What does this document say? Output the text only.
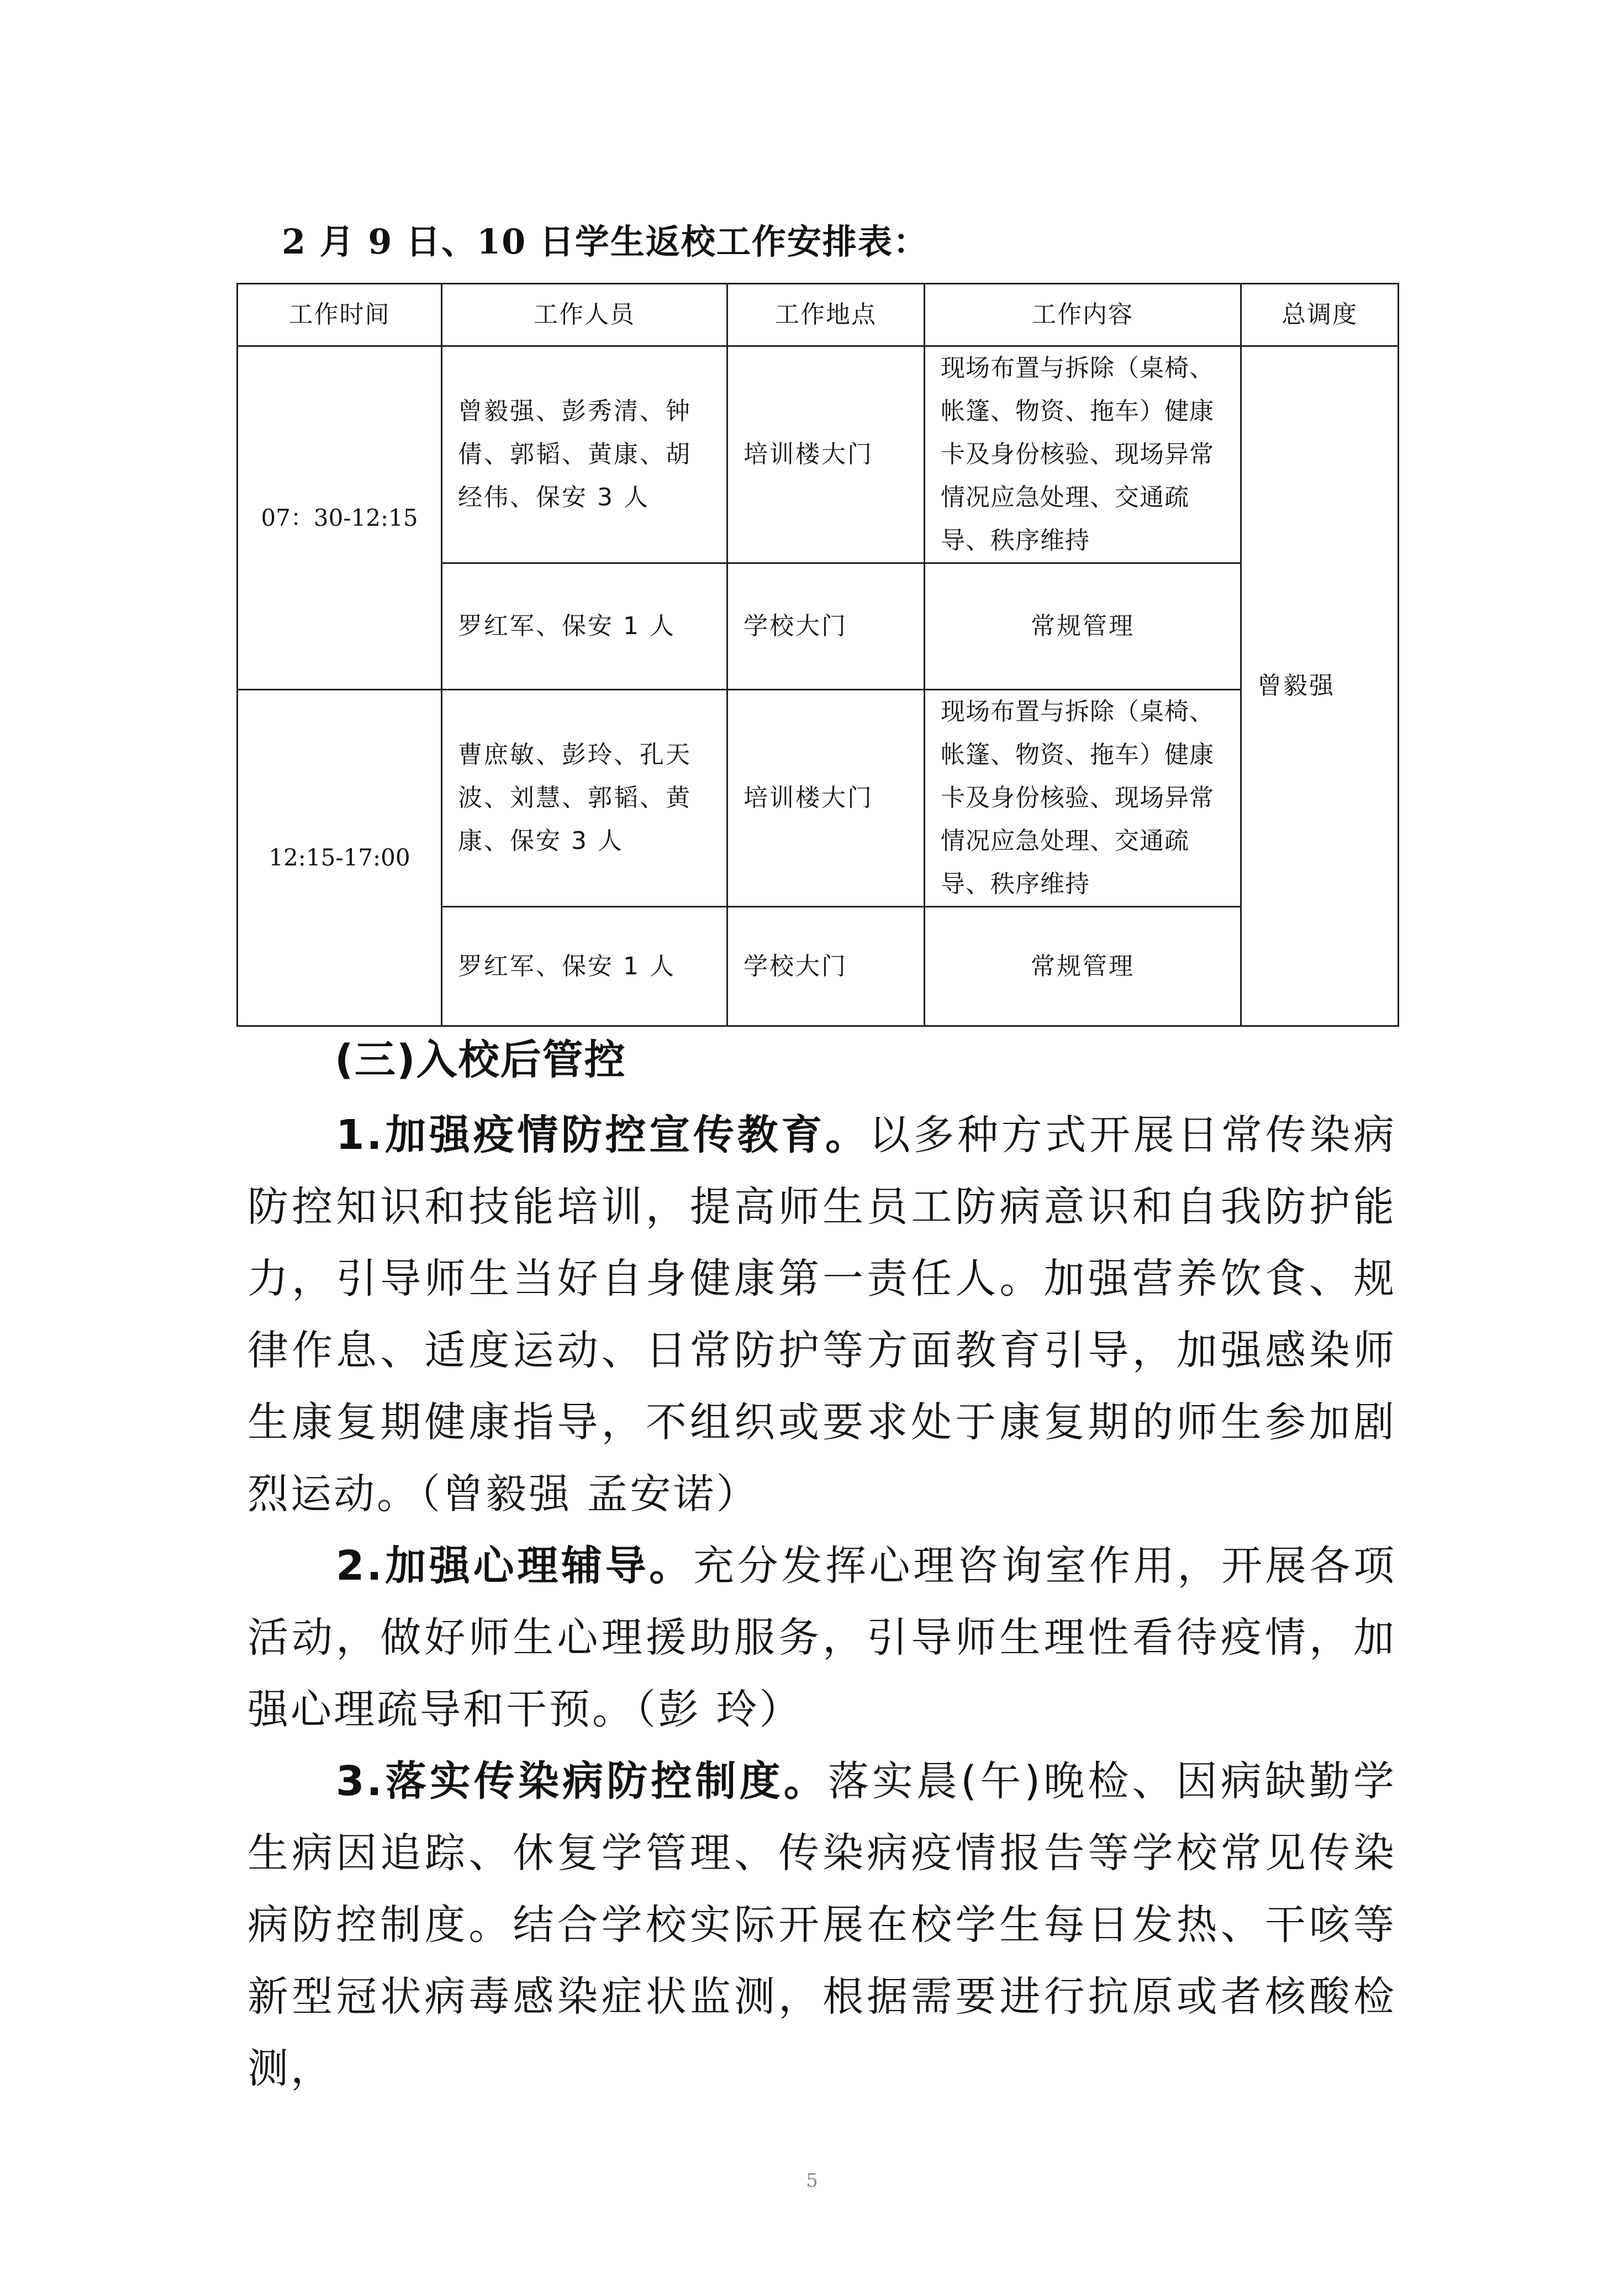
2 月 9 日、10 日学生返校工作安排表：
工作时间	工作人员	工作地点	工作内容	总调度
07：30-12:15	曾毅强、彭秀清、钟倩、郭韬、黄康、胡经伟、保安 3 人	培训楼大门	现场布置与拆除（桌椅、帐篷、物资、拖车）健康卡及身份核验、现场异常情况应急处理、交通疏导、秩序维持	曾毅强
	罗红军、保安 1 人	学校大门	常规管理	
12:15-17:00	曹庶敏、彭玲、孔天波、刘慧、郭韬、黄康、保安 3 人	培训楼大门	现场布置与拆除（桌椅、帐篷、物资、拖车）健康卡及身份核验、现场异常情况应急处理、交通疏导、秩序维持	
	罗红军、保安 1 人	学校大门	常规管理	
(三)入校后管控

1.加强疫情防控宣传教育。以多种方式开展日常传染病防控知识和技能培训，提高师生员工防病意识和自我防护能力，引导师生当好自身健康第一责任人。加强营养饮食、规律作息、适度运动、日常防护等方面教育引导，加强感染师生康复期健康指导，不组织或要求处于康复期的师生参加剧烈运动。（曾毅强 孟安诺）

2.加强心理辅导。充分发挥心理咨询室作用，开展各项活动，做好师生心理援助服务，引导师生理性看待疫情，加强心理疏导和干预。（彭 玲）

3.落实传染病防控制度。落实晨(午)晚检、因病缺勤学生病因追踪、休复学管理、传染病疫情报告等学校常见传染病防控制度。结合学校实际开展在校学生每日发热、干咳等新型冠状病毒感染症状监测，根据需要进行抗原或者核酸检测，

5
